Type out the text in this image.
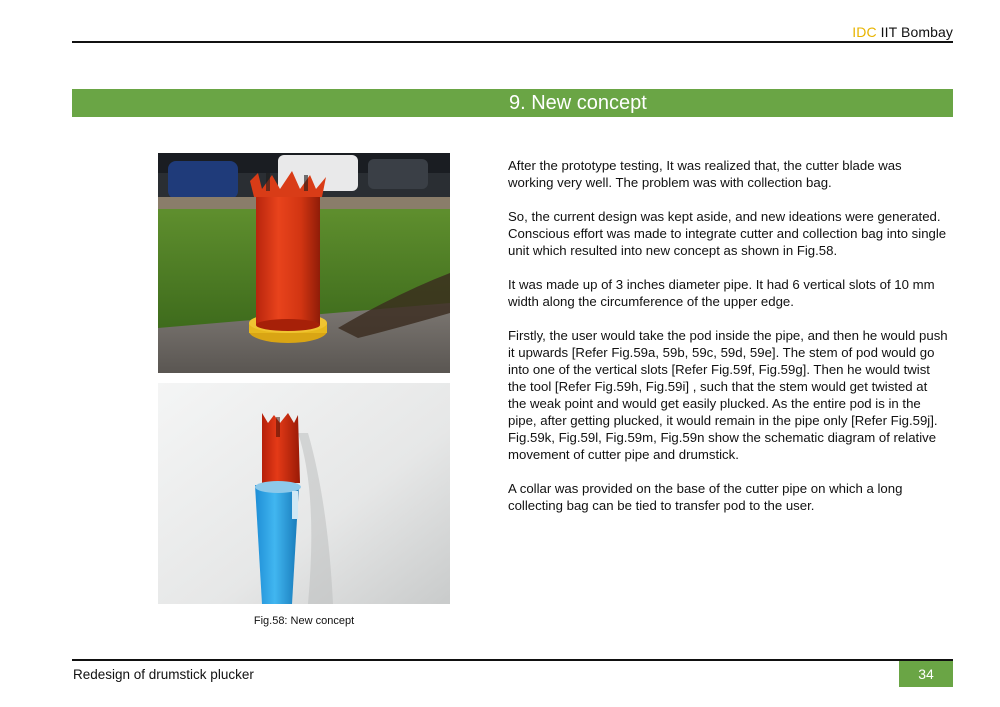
IDC IIT Bombay
9. New concept
Fig.58: New concept

After the prototype testing, It was realized that, the cutter blade was working very well. The problem was with collection bag.

So, the current design was kept aside, and new ideations were generated. Conscious effort was made to integrate cutter and collection bag into single unit which resulted into new concept as shown in Fig.58.

It was made up of 3 inches diameter pipe. It had 6 vertical slots of 10 mm width along the circumference of the upper edge.

Firstly, the user would take the pod inside the pipe, and then he would push it upwards [Refer Fig.59a, 59b, 59c, 59d, 59e]. The stem of pod would go into one of the vertical slots [Refer Fig.59f, Fig.59g]. Then he would twist the tool [Refer Fig.59h, Fig.59i] , such that the stem would get twisted at the weak point and would get easily plucked. As the entire pod is in the pipe, after getting plucked, it would remain in the pipe only [Refer Fig.59j].

Fig.59k, Fig.59l, Fig.59m, Fig.59n show the schematic diagram of relative movement of cutter pipe and drumstick.

A collar was provided on the base of the cutter pipe on which a long collecting bag can be tied to transfer pod to the user.

Redesign of drumstick plucker	34
